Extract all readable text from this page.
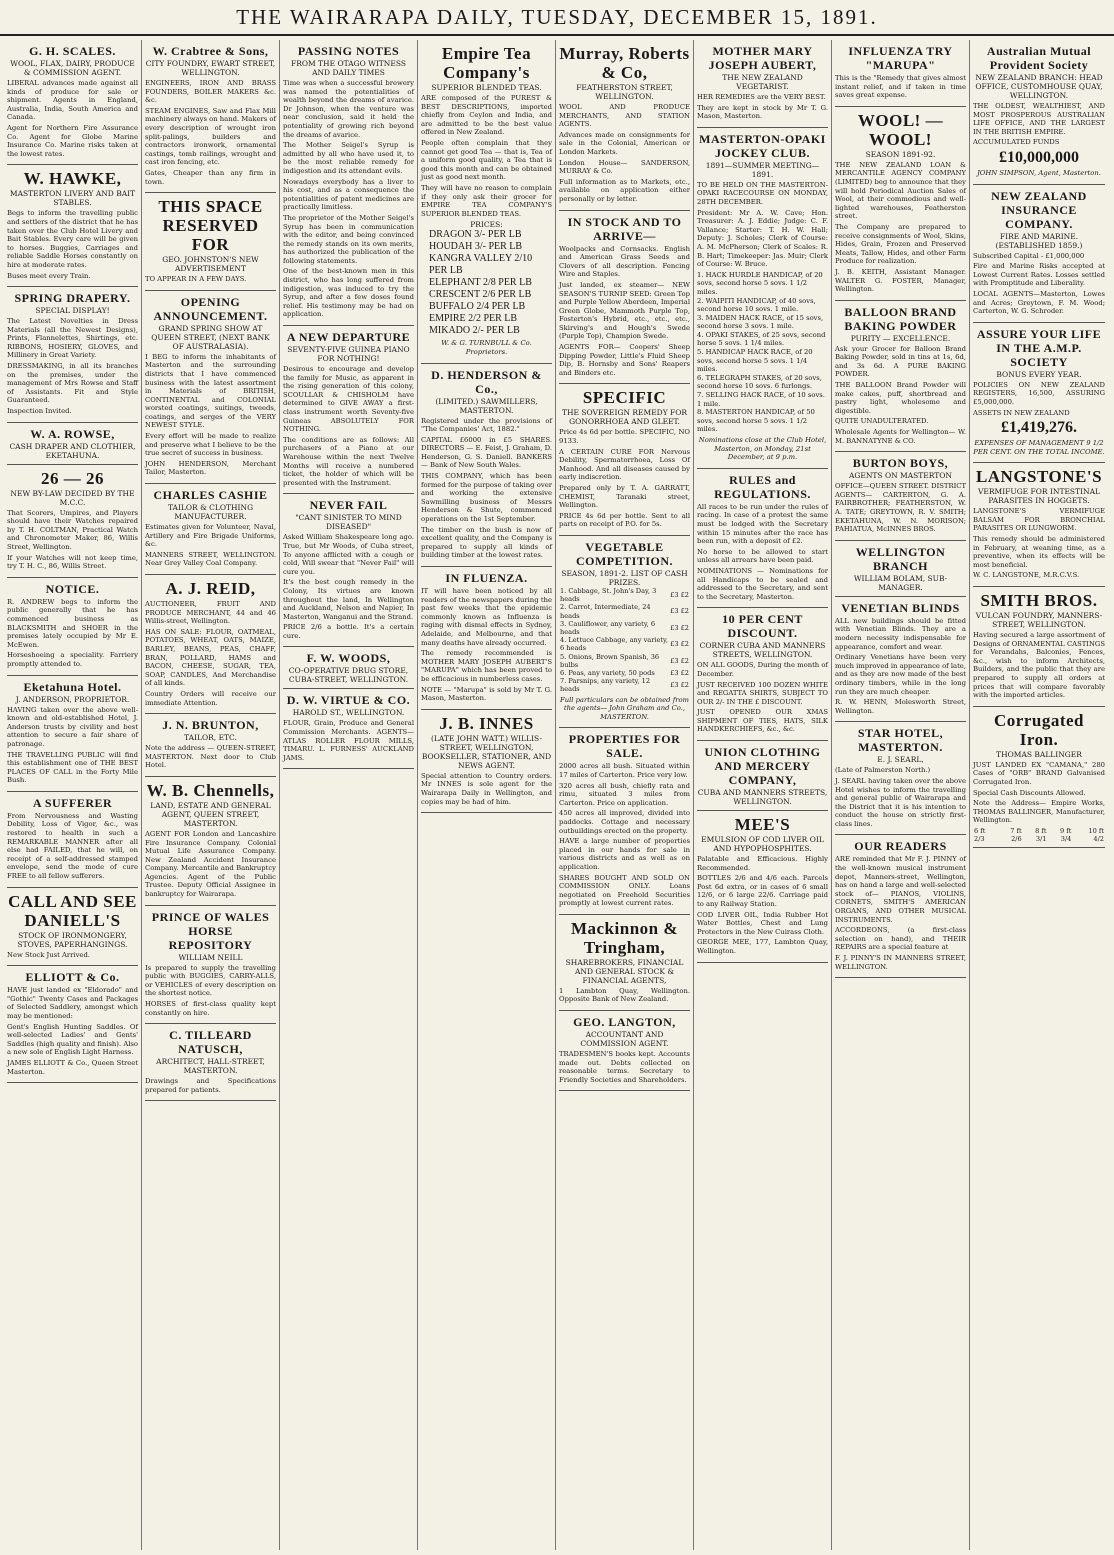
THE WAIRARAPA DAILY, TUESDAY, DECEMBER 15, 1891.
G. H. SCALES.
WOOL, FLAX, DAIRY, PRODUCE & COMMISSION AGENT.

LIBERAL advances made against all kinds of produce for sale or shipment. Agents in England, Australia, India, South America and Canada.

Agent for Northern Fire Assurance Co. Agent for Globe Marine Insurance Co. Marine risks taken at the lowest rates.

W. HAWKE,
MASTERTON LIVERY AND BAIT STABLES.

Begs to inform the travelling public and settlers of the district that he has taken over the Club Hotel Livery and Bait Stables. Every care will be given to horses. Buggies, Carriages and reliable Saddle Horses constantly on hire at moderate rates.

Buses meet every Train.

SPRING DRAPERY.
SPECIAL DISPLAY!

The Latest Novelties in Dress Materials (all the Newest Designs), Prints, Flannelettes, Shirtings, etc. RIBBONS, HOSIERY, GLOVES, and Millinery in Great Variety.

DRESSMAKING, in all its branches on the premises, under the management of Mrs Rowse and Staff of Assistants. Fit and Style Guaranteed.

Inspection Invited.

W. A. ROWSE,
CASH DRAPER AND CLOTHIER, EKETAHUNA.
26 — 26
NEW BY-LAW DECIDED BY THE M.C.C.

That Scorers, Umpires, and Players should have their Watches repaired by T. H. COLTMAN, Practical Watch and Chronometer Maker, 86, Willis Street, Wellington.

If your Watches will not keep time, try T. H. C., 86, Willis Street.

NOTICE.

R. ANDREW begs to inform the public generally that he has commenced business as BLACKSMITH and SHOER in the premises lately occupied by Mr E. McEwen.

Horseshoeing a speciality. Farriery promptly attended to.

Eketahuna Hotel.
J. ANDERSON, PROPRIETOR.

HAVING taken over the above well-known and old-established Hotel, J. Anderson trusts by civility and best attention to secure a fair share of patronage.

THE TRAVELLING PUBLIC will find this establishment one of THE BEST PLACES OF CALL in the Forty Mile Bush.

A SUFFERER

From Nervousness and Wasting Debility, Loss of Vigor, &c., was restored to health in such a REMARKABLE MANNER after all else had FAILED, that he will, on receipt of a self-addressed stamped envelope, send the mode of cure FREE to all fellow sufferers.

CALL AND SEE DANIELL'S
STOCK OF IRONMONGERY, STOVES, PAPERHANGINGS.

New Stock Just Arrived.

ELLIOTT & Co.

HAVE just landed ex "Eldorado" and "Gothic" Twenty Cases and Packages of Selected Saddlery, amongst which may be mentioned:

Gent's English Hunting Saddles. Of well-selected Ladies' and Gents' Saddles (high quality and finish). Also a new sole of English Light Harness.

JAMES ELLIOTT & Co., Queen Street Masterton.

W. Crabtree & Sons,
CITY FOUNDRY, EWART STREET, WELLINGTON.

ENGINEERS, IRON AND BRASS FOUNDERS, BOILER MAKERS &c. &c.

STEAM ENGINES, Saw and Flax Mill machinery always on hand. Makers of every description of wrought iron split-palings, builders and contractors ironwork, ornamental castings, tomb railings, wrought and cast iron fencing, etc.

Gates, Cheaper than any firm in town.

THIS SPACE RESERVED FOR
GEO. JOHNSTON'S NEW ADVERTISEMENT

TO APPEAR IN A FEW DAYS.

OPENING ANNOUNCEMENT.
GRAND SPRING SHOW AT QUEEN STREET, (NEXT BANK OF AUSTRALASIA).

I BEG to inform the inhabitants of Masterton and the surrounding districts that I have commenced business with the latest assortment in Materials of BRITISH, CONTINENTAL and COLONIAL worsted coatings, suitings, tweeds, coatings, and serges of the VERY NEWEST STYLE.

Every effort will be made to realize and preserve what I believe to be the true secret of success in business.

JOHN HENDERSON, Merchant Tailor, Masterton.

CHARLES CASHIE
TAILOR & CLOTHING MANUFACTURER.

Estimates given for Volunteer, Naval, Artillery and Fire Brigade Uniforms, &c.

MANNERS STREET, WELLINGTON. Near Grey Valley Coal Company.

A. J. REID,

AUCTIONEER, FRUIT AND PRODUCE MERCHANT, 44 and 46 Willis-street, Wellington.

HAS ON SALE: FLOUR, OATMEAL, POTATOES, WHEAT, OATS, MAIZE, BARLEY, BEANS, PEAS, CHAFF, BRAN, POLLARD, HAMS and BACON, CHEESE, SUGAR, TEA, SOAP, CANDLES, And Merchandise of all kinds.

Country Orders will receive our immediate Attention.

J. N. BRUNTON,
TAILOR, ETC.

Note the address — QUEEN-STREET, MASTERTON. Next door to Club Hotel.

W. B. Chennells,
LAND, ESTATE AND GENERAL AGENT, QUEEN STREET, MASTERTON.

AGENT FOR London and Lancashire Fire Insurance Company. Colonial Mutual Life Assurance Company. New Zealand Accident Insurance Company. Mercantile and Bankruptcy Agencies. Agent of the Public Trustee. Deputy Official Assignee in bankruptcy for Wairarapa.

PRINCE OF WALES HORSE REPOSITORY
WILLIAM NEILL

Is prepared to supply the travelling public with BUGGIES, CARRY-ALLS, or VEHICLES of every description on the shortest notice.

HORSES of first-class quality kept constantly on hire.

C. TILLEARD NATUSCH,
ARCHITECT, HALL-STREET, MASTERTON.

Drawings and Specifications prepared for patients.

PASSING NOTES
FROM THE OTAGO WITNESS AND DAILY TIMES

Time was when a successful brewery was named the potentialities of wealth beyond the dreams of avarice. Dr Johnson, when the venture was near conclusion, said it held the potentiality of growing rich beyond the dreams of avarice.

The Mother Seigel's Syrup is admitted by all who have used it, to be the most reliable remedy for indigestion and its attendant evils.

Nowadays everybody has a liver to his cost, and as a consequence the potentialities of patent medicines are practically limitless.

The proprietor of the Mother Seigel's Syrup has been in communication with the editor, and being convinced the remedy stands on its own merits, has authorized the publication of the following statements.

One of the best-known men in this district, who has long suffered from indigestion, was induced to try the Syrup, and after a few doses found relief. His testimony may be had on application.

A NEW DEPARTURE
SEVENTY-FIVE GUINEA PIANO FOR NOTHING!

Desirous to encourage and develop the family for Music, as apparent in the rising generation of this colony, SCOULLAR & CHISHOLM have determined to GIVE AWAY a first-class instrument worth Seventy-five Guineas ABSOLUTELY FOR NOTHING.

The conditions are as follows: All purchasers of a Piano at our Warehouse within the next Twelve Months will receive a numbered ticket, the holder of which will be presented with the Instrument.

NEVER FAIL
"CANT SINISTER TO MIND DISEASED"

Asked William Shakespeare long ago. True, but Mr Woods, of Cuba street, To anyone afflicted with a cough or cold, Will swear that "Never Fail" will cure you.

It's the best cough remedy in the Colony, Its virtues are known throughout the land, In Wellington and Auckland, Nelson and Napier, In Masterton, Wanganui and the Strand.

PRICE 2/6 a bottle. It's a certain cure.

F. W. WOODS,
CO-OPERATIVE DRUG STORE, CUBA-STREET, WELLINGTON.
D. W. VIRTUE & CO.
HAROLD ST., WELLINGTON.

FLOUR, Grain, Produce and General Commission Merchants. AGENTS— ATLAS ROLLER FLOUR MILLS, TIMARU. L. FURNESS' AUCKLAND JAMS.

Empire Tea Company's
SUPERIOR BLENDED TEAS.

ARE composed of the PUREST & BEST DESCRIPTIONS, imported chiefly from Ceylon and India, and are admitted to be the best value offered in New Zealand.

People often complain that they cannot get good Tea — that is, Tea of a uniform good quality, a Tea that is good this month and can be obtained just as good next month.

They will have no reason to complain if they only ask their grocer for EMPIRE TEA COMPANY'S SUPERIOR BLENDED TEAS.

PRICES:
DRAGON 3/- PER LB
HOUDAH 3/- PER LB
KANGRA VALLEY 2/10 PER LB
ELEPHANT 2/8 PER LB
CRESCENT 2/6 PER LB
BUFFALO 2/4 PER LB
EMPIRE 2/2 PER LB
MIKADO 2/- PER LB

W. & G. TURNBULL & Co. Proprietors.

D. HENDERSON & Co.,
(LIMITED.) SAWMILLERS, MASTERTON.

Registered under the provisions of "The Companies' Act, 1882."

CAPITAL £6000 in £5 SHARES. DIRECTORS — E. Feist, J. Graham, D. Henderson, G. S. Daniell. BANKERS — Bank of New South Wales.

THIS COMPANY, which has been formed for the purpose of taking over and working the extensive Sawmilling business of Messrs Henderson & Shute, commenced operations on the 1st September.

The timber on the bush is now of excellent quality, and the Company is prepared to supply all kinds of building timber at the lowest rates.

IN FLUENZA.

IT will have been noticed by all readers of the newspapers during the past few weeks that the epidemic commonly known as Influenza is raging with dismal effects in Sydney, Adelaide, and Melbourne, and that many deaths have already occurred.

The remedy recommended is MOTHER MARY JOSEPH AUBERT'S "MARUPA" which has been proved to be efficacious in numberless cases.

NOTE — "Marupa" is sold by Mr T. G. Mason, Masterton.

J. B. INNES
(LATE JOHN WATT.) WILLIS-STREET, WELLINGTON, BOOKSELLER, STATIONER, AND NEWS AGENT.

Special attention to Country orders. Mr INNES is sole agent for the Wairarapa Daily in Wellington, and copies may be had of him.

Murray, Roberts & Co,
FEATHERSTON STREET, WELLINGTON.

WOOL AND PRODUCE MERCHANTS, AND STATION AGENTS.

Advances made on consignments for sale in the Colonial, American or London Markets.

London House— SANDERSON, MURRAY & Co.

Full information as to Markets, etc., available on application either personally or by letter.

IN STOCK AND TO ARRIVE—

Woolpacks and Cornsacks. English and American Grass Seeds and Clovers of all description. Fencing Wire and Staples.

Just landed, ex steamer— NEW SEASON'S TURNIP SEED: Green Top and Purple Yellow Aberdeen, Imperial Green Globe, Mammoth Purple Top, Fosterton's Hybrid, etc., etc., etc., Skirving's and Hough's Swede (Purple Top), Champion Swede.

AGENTS FOR— Coopers' Sheep Dipping Powder, Little's Fluid Sheep Dip, B. Hornsby and Sons' Reapers and Binders etc.

SPECIFIC
THE SOVEREIGN REMEDY FOR GONORRHOEA AND GLEET.

Price 4s 6d per bottle. SPECIFIC, NO 9133.

A CERTAIN CURE FOR Nervous Debility, Spermatorrhoea, Loss Of Manhood. And all diseases caused by early indiscretion.

Prepared only by T. A. GARRATT, CHEMIST, Taranaki street, Wellington.

PRICE 4s 6d per bottle. Sent to all parts on receipt of P.O. for 5s.

VEGETABLE COMPETITION.
SEASON, 1891-2. LIST OF CASH PRIZES.
1. Cabbage, St. John's Day, 3 heads	£3	£2
2. Carrot, Intermediate, 24 heads	£3	£2
3. Cauliflower, any variety, 6 heads	£3	£2
4. Lettuce Cabbage, any variety, 6 heads	£3	£2
5. Onions, Brown Spanish, 36 bulbs	£3	£2
6. Peas, any variety, 50 pods	£3	£2
7. Parsnips, any variety, 12 heads	£3	£2

Full particulars can be obtained from the agents— John Graham and Co., MASTERTON.

PROPERTIES FOR SALE.

2000 acres all bush. Situated within 17 miles of Carterton. Price very low.

320 acres all bush, chiefly rata and rimu, situated 3 miles from Carterton. Price on application.

450 acres all improved, divided into paddocks. Cottage and necessary outbuildings erected on the property.

HAVE a large number of properties placed in our hands for sale in various districts and as well as on application.

SHARES BOUGHT AND SOLD ON COMMISSION ONLY. Loans negotiated on Freehold Securities promptly at lowest current rates.

Mackinnon & Tringham,
SHAREBROKERS, FINANCIAL AND GENERAL STOCK & FINANCIAL AGENTS,

1 Lambton Quay, Wellington. Opposite Bank of New Zealand.

GEO. LANGTON,
ACCOUNTANT AND COMMISSION AGENT.

TRADESMEN'S books kept. Accounts made out. Debts collected on reasonable terms. Secretary to Friendly Societies and Shareholders.

MOTHER MARY JOSEPH AUBERT,
THE NEW ZEALAND VEGETARIST.

HER REMEDIES are the VERY BEST.

They are kept in stock by Mr T. G. Mason, Masterton.

MASTERTON-OPAKI JOCKEY CLUB.
1891—SUMMER MEETING—1891.

TO BE HELD ON THE MASTERTON-OPAKI RACECOURSE ON MONDAY, 28TH DECEMBER.

President: Mr A. W. Cave; Hon. Treasurer: A. J. Eddie; Judge: C. F. Vallance; Starter: T. H. W. Hall; Deputy: J. Scholes; Clerk of Course: A. M. McPherson; Clerk of Scales: R. B. Hart; Timekeeper: Jas. Muir; Clerk of Course: W. Bruce.

1. HACK HURDLE HANDICAP, of 20 sovs, second horse 5 sovs. 1 1/2 miles.
2. WAIPITI HANDICAP, of 40 sovs, second horse 10 sovs. 1 mile.
3. MAIDEN HACK RACE, of 15 sovs, second horse 3 sovs. 1 mile.
4. OPAKI STAKES, of 25 sovs, second horse 5 sovs. 1 1/4 miles.
5. HANDICAP HACK RACE, of 20 sovs, second horse 5 sovs. 1 1/4 miles.
6. TELEGRAPH STAKES, of 20 sovs, second horse 10 sovs. 6 furlongs.
7. SELLING HACK RACE, of 10 sovs. 1 mile.
8. MASTERTON HANDICAP, of 50 sovs, second horse 5 sovs. 1 1/2 miles.

Nominations close at the Club Hotel, Masterton, on Monday, 21st December, at 9 p.m.

RULES and REGULATIONS.

All races to be run under the rules of racing. In case of a protest the same must be lodged with the Secretary within 15 minutes after the race has been run, with a deposit of £2.

No horse to be allowed to start unless all arrears have been paid.

NOMINATIONS — Nominations for all Handicaps to be sealed and addressed to the Secretary, and sent to the Secretary, Masterton.

10 PER CENT DISCOUNT.
CORNER CUBA AND MANNERS STREETS, WELLINGTON.

ON ALL GOODS, During the month of December.

JUST RECEIVED 100 DOZEN WHITE and REGATTA SHIRTS, SUBJECT TO OUR 2/- IN THE £ DISCOUNT.

JUST OPENED OUR XMAS SHIPMENT OF TIES, HATS, SILK HANDKERCHIEFS, &c., &c.

UNION CLOTHING AND MERCERY COMPANY,
CUBA AND MANNERS STREETS, WELLINGTON.
MEE'S
EMULSION OF COD LIVER OIL AND HYPOPHOSPHITES.

Palatable and Efficacious. Highly Recommended.

BOTTLES 2/6 and 4/6 each. Parcels Post 6d extra, or in cases of 6 small 12/6, or 6 large 22/6. Carriage paid to any Railway Station.

COD LIVER OIL, India Rubber Hot Water Bottles, Chest and Lung Protectors in the New Cuirass Cloth.

GEORGE MEE, 177, Lambton Quay, Wellington.

INFLUENZA TRY "MARUPA"

This is the "Remedy that gives almost instant relief, and if taken in time saves great expense.

WOOL! — WOOL!
SEASON 1891-92.

THE NEW ZEALAND LOAN & MERCANTILE AGENCY COMPANY (LIMITED) beg to announce that they will hold Periodical Auction Sales of Wool, at their commodious and well-lighted warehouses, Featherston street.

The Company are prepared to receive consignments of Wool, Skins, Hides, Grain, Frozen and Preserved Meats, Tallow, Hides, and other Farm Produce for realization.

J. B. KEITH, Assistant Manager. WALTER G. FOSTER, Manager, Wellington.

BALLOON BRAND BAKING POWDER
PURITY — EXCELLENCE.

Ask your Grocer for Balloon Brand Baking Powder, sold in tins at 1s, 6d, and 3s 6d. A PURE BAKING POWDER.

THE BALLOON Brand Powder will make cakes, puff, shortbread and pastry light, wholesome and digestible.

QUITE UNADULTERATED.

Wholesale Agents for Wellington— W. M. BANNATYNE & CO.

BURTON BOYS,
AGENTS ON MASTERTON

OFFICE—QUEEN STREET. DISTRICT AGENTS— CARTERTON, G. A. FAIRBROTHER; FEATHERSTON, W. A. TATE; GREYTOWN, R. V. SMITH; EKETAHUNA, W. N. MORISON; PAHIATUA, McINNES BROS.

WELLINGTON BRANCH
WILLIAM BOLAM, SUB-MANAGER.
VENETIAN BLINDS

ALL new buildings should be fitted with Venetian Blinds. They are a modern necessity indispensable for appearance, comfort and wear.

Ordinary Venetians have been very much improved in appearance of late, and as they are now made of the best ordinary timbers, while in the long run they are much cheaper.

R. W. HENN, Molesworth Street, Wellington.

STAR HOTEL, MASTERTON.
E. J. SEARL,

(Late of Palmerston North.)

J. SEARL having taken over the above Hotel wishes to inform the travelling and general public of Wairarapa and the District that it is his intention to conduct the house on strictly first-class lines.

OUR READERS

ARE reminded that Mr F. J. PINNY of the well-known musical instrument depot, Manners-street, Wellington, has on hand a large and well-selected stock of— PIANOS, VIOLINS, CORNETS, SMITH'S AMERICAN ORGANS, AND OTHER MUSICAL INSTRUMENTS.

ACCORDEONS, (a first-class selection on hand), and THEIR REPAIRS are a special feature at

F. J. PINNY'S IN MANNERS STREET, WELLINGTON.

Australian Mutual Provident Society
NEW ZEALAND BRANCH: HEAD OFFICE, CUSTOMHOUSE QUAY, WELLINGTON.

THE OLDEST, WEALTHIEST, AND MOST PROSPEROUS AUSTRALIAN LIFE OFFICE, AND THE LARGEST IN THE BRITISH EMPIRE.

ACCUMULATED FUNDS

£10,000,000

JOHN SIMPSON, Agent, Masterton.

NEW ZEALAND INSURANCE COMPANY.
FIRE AND MARINE. (ESTABLISHED 1859.)

Subscribed Capital - £1,000,000

Fire and Marine Risks accepted at Lowest Current Rates. Losses settled with Promptitude and Liberality.

LOCAL AGENTS—Masterton, Lowes and Acres; Greytown, F. M. Wood; Carterton, W. G. Schroder.

ASSURE YOUR LIFE IN THE A.M.P. SOCIETY
BONUS EVERY YEAR.

POLICIES ON NEW ZEALAND REGISTERS, 16,500, ASSURING £5,000,000.

ASSETS IN NEW ZEALAND

£1,419,276.

EXPENSES OF MANAGEMENT 9 1/2 PER CENT. ON THE TOTAL INCOME.

LANGSTONE'S
VERMIFUGE FOR INTESTINAL PARASITES IN HOGGETS.

LANGSTONE'S VERMIFUGE BALSAM FOR BRONCHIAL PARASITES OR LUNGWORM.

This remedy should be administered in February, at weaning time, as a preventive, when its effects will be most beneficial.

W. C. LANGSTONE, M.R.C.V.S.

SMITH BROS.
VULCAN FOUNDRY, MANNERS-STREET, WELLINGTON.

Having secured a large assortment of Designs of ORNAMENTAL CASTINGS for Verandahs, Balconies, Fences, &c., wish to inform Architects, Builders, and the public that they are prepared to supply all orders at prices that will compare favorably with the imported articles.

Corrugated Iron.
THOMAS BALLINGER

JUST LANDED EX "CAMANA," 280 Cases of "ORB" BRAND Galvanised Corrugated Iron.

Special Cash Discounts Allowed.

Note the Address— Empire Works, THOMAS BALLINGER, Manufacturer, Wellington.

6 ft	7 ft	8 ft	9 ft	10 ft
2/3	2/6	3/1	3/4	4/2
